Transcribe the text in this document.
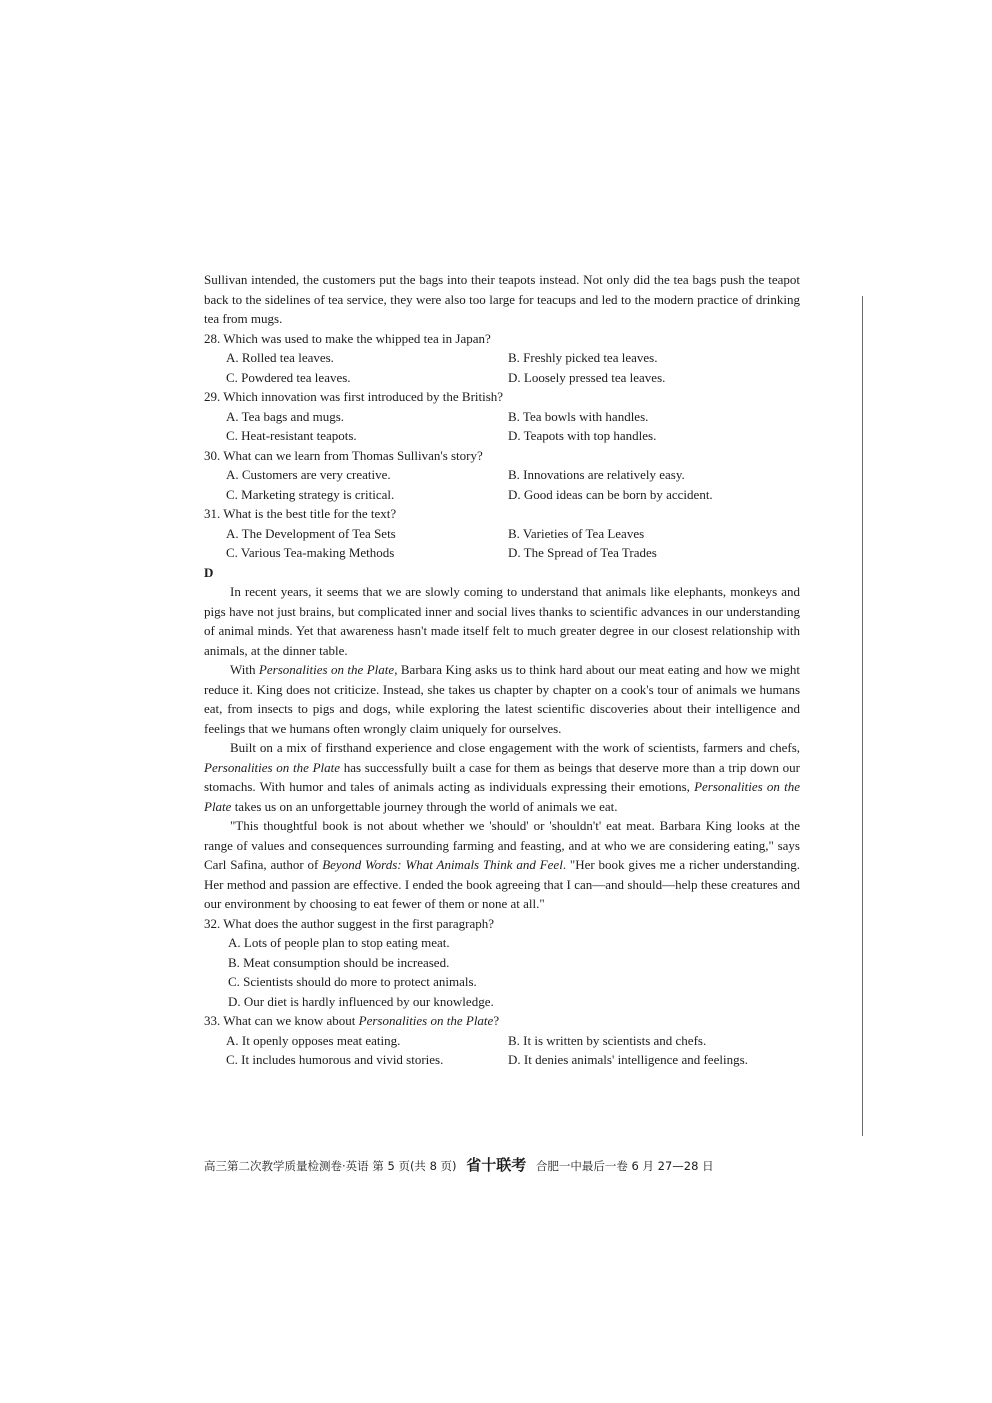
Sullivan intended, the customers put the bags into their teapots instead. Not only did the tea bags push the teapot back to the sidelines of tea service, they were also too large for teacups and led to the modern practice of drinking tea from mugs.

28. Which was used to make the whipped tea in Japan?

A. Rolled tea leaves.	B. Freshly picked tea leaves.
C. Powdered tea leaves.	D. Loosely pressed tea leaves.

29. Which innovation was first introduced by the British?

A. Tea bags and mugs.	B. Tea bowls with handles.
C. Heat-resistant teapots.	D. Teapots with top handles.

30. What can we learn from Thomas Sullivan's story?

A. Customers are very creative.	B. Innovations are relatively easy.
C. Marketing strategy is critical.	D. Good ideas can be born by accident.

31. What is the best title for the text?

A. The Development of Tea Sets	B. Varieties of Tea Leaves
C. Various Tea-making Methods	D. The Spread of Tea Trades

D

In recent years, it seems that we are slowly coming to understand that animals like elephants, monkeys and pigs have not just brains, but complicated inner and social lives thanks to scientific advances in our understanding of animal minds. Yet that awareness hasn't made itself felt to much greater degree in our closest relationship with animals, at the dinner table.

With Personalities on the Plate, Barbara King asks us to think hard about our meat eating and how we might reduce it. King does not criticize. Instead, she takes us chapter by chapter on a cook's tour of animals we humans eat, from insects to pigs and dogs, while exploring the latest scientific discoveries about their intelligence and feelings that we humans often wrongly claim uniquely for ourselves.

Built on a mix of firsthand experience and close engagement with the work of scientists, farmers and chefs, Personalities on the Plate has successfully built a case for them as beings that deserve more than a trip down our stomachs. With humor and tales of animals acting as individuals expressing their emotions, Personalities on the Plate takes us on an unforgettable journey through the world of animals we eat.

"This thoughtful book is not about whether we 'should' or 'shouldn't' eat meat. Barbara King looks at the range of values and consequences surrounding farming and feasting, and at who we are considering eating," says Carl Safina, author of Beyond Words: What Animals Think and Feel. "Her book gives me a richer understanding. Her method and passion are effective. I ended the book agreeing that I can—and should—help these creatures and our environment by choosing to eat fewer of them or none at all."

32. What does the author suggest in the first paragraph?

A. Lots of people plan to stop eating meat.
B. Meat consumption should be increased.
C. Scientists should do more to protect animals.
D. Our diet is hardly influenced by our knowledge.

33. What can we know about Personalities on the Plate?

A. It openly opposes meat eating.	B. It is written by scientists and chefs.
C. It includes humorous and vivid stories.	D. It denies animals' intelligence and feelings.
高三第二次教学质量检测卷·英语 第 5 页(共 8 页) 省十联考 合肥一中最后一卷 6 月 27—28 日
